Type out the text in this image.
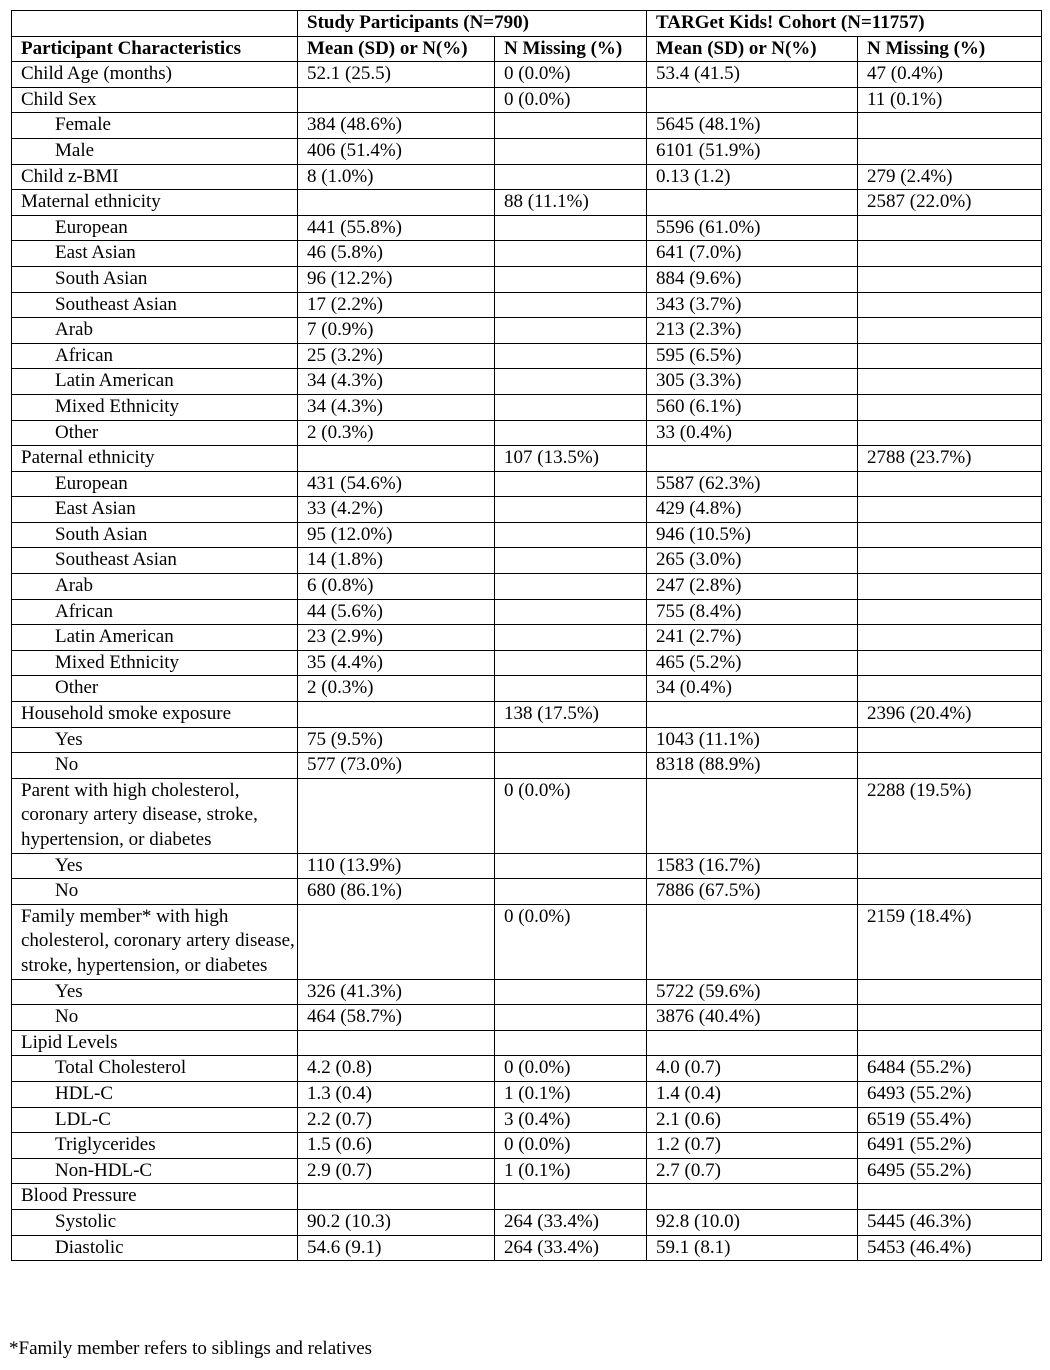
	Study Participants (N=790)		TARGet Kids! Cohort (N=11757)	
Participant Characteristics	Mean (SD) or N(%)	N Missing (%)	Mean (SD) or N(%)	N Missing (%)
Child Age (months)	52.1 (25.5)	0 (0.0%)	53.4 (41.5)	47 (0.4%)
Child Sex		0 (0.0%)		11 (0.1%)
Female	384 (48.6%)		5645 (48.1%)	
Male	406 (51.4%)		6101 (51.9%)	
Child z-BMI	8 (1.0%)		0.13 (1.2)	279 (2.4%)
Maternal ethnicity		88 (11.1%)		2587 (22.0%)
European	441 (55.8%)		5596 (61.0%)	
East Asian	46 (5.8%)		641 (7.0%)	
South Asian	96 (12.2%)		884 (9.6%)	
Southeast Asian	17 (2.2%)		343 (3.7%)	
Arab	7 (0.9%)		213 (2.3%)	
African	25 (3.2%)		595 (6.5%)	
Latin American	34 (4.3%)		305 (3.3%)	
Mixed Ethnicity	34 (4.3%)		560 (6.1%)	
Other	2 (0.3%)		33 (0.4%)	
Paternal ethnicity		107 (13.5%)		2788 (23.7%)
European	431 (54.6%)		5587 (62.3%)	
East Asian	33 (4.2%)		429 (4.8%)	
South Asian	95 (12.0%)		946 (10.5%)	
Southeast Asian	14 (1.8%)		265 (3.0%)	
Arab	6 (0.8%)		247 (2.8%)	
African	44 (5.6%)		755 (8.4%)	
Latin American	23 (2.9%)		241 (2.7%)	
Mixed Ethnicity	35 (4.4%)		465 (5.2%)	
Other	2 (0.3%)		34 (0.4%)	
Household smoke exposure		138 (17.5%)		2396 (20.4%)
Yes	75 (9.5%)		1043 (11.1%)	
No	577 (73.0%)		8318 (88.9%)	
Parent with high cholesterol, coronary artery disease, stroke, hypertension, or diabetes		0 (0.0%)		2288 (19.5%)
Yes	110 (13.9%)		1583 (16.7%)	
No	680 (86.1%)		7886 (67.5%)	
Family member* with high cholesterol, coronary artery disease, stroke, hypertension, or diabetes		0 (0.0%)		2159 (18.4%)
Yes	326 (41.3%)		5722 (59.6%)	
No	464 (58.7%)		3876 (40.4%)	
Lipid Levels				
Total Cholesterol	4.2 (0.8)	0 (0.0%)	4.0 (0.7)	6484 (55.2%)
HDL-C	1.3 (0.4)	1 (0.1%)	1.4 (0.4)	6493 (55.2%)
LDL-C	2.2 (0.7)	3 (0.4%)	2.1 (0.6)	6519 (55.4%)
Triglycerides	1.5 (0.6)	0 (0.0%)	1.2 (0.7)	6491 (55.2%)
Non-HDL-C	2.9 (0.7)	1 (0.1%)	2.7 (0.7)	6495 (55.2%)
Blood Pressure				
Systolic	90.2 (10.3)	264 (33.4%)	92.8 (10.0)	5445 (46.3%)
Diastolic	54.6 (9.1)	264 (33.4%)	59.1 (8.1)	5453 (46.4%)
*Family member refers to siblings and relatives
